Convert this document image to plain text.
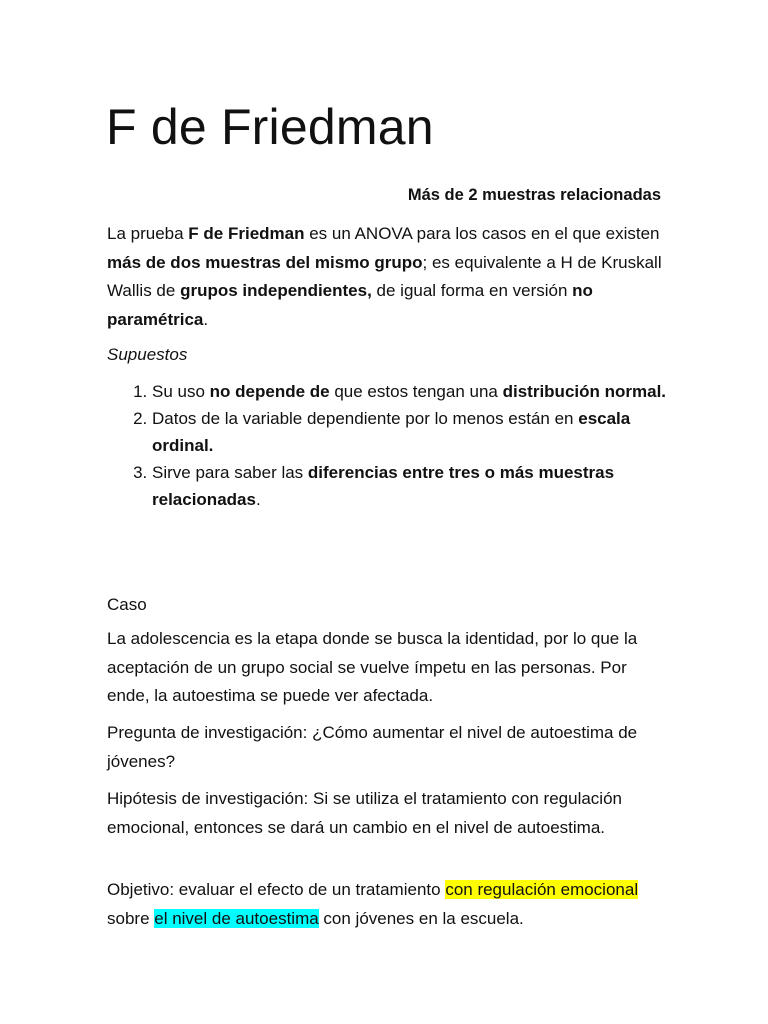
F de Friedman

Más de 2 muestras relacionadas

La prueba F de Friedman es un ANOVA para los casos en el que existen más de dos muestras del mismo grupo; es equivalente a H de Kruskall Wallis de grupos independientes, de igual forma en versión no paramétrica.

Supuestos

1. Su uso no depende de que estos tengan una distribución normal.
2. Datos de la variable dependiente por lo menos están en escala ordinal.
3. Sirve para saber las diferencias entre tres o más muestras relacionadas.

Caso

La adolescencia es la etapa donde se busca la identidad, por lo que la aceptación de un grupo social se vuelve ímpetu en las personas. Por ende, la autoestima se puede ver afectada.

Pregunta de investigación: ¿Cómo aumentar el nivel de autoestima de jóvenes?

Hipótesis de investigación: Si se utiliza el tratamiento con regulación emocional, entonces se dará un cambio en el nivel de autoestima.

Objetivo: evaluar el efecto de un tratamiento con regulación emocional sobre el nivel de autoestima con jóvenes en la escuela.
